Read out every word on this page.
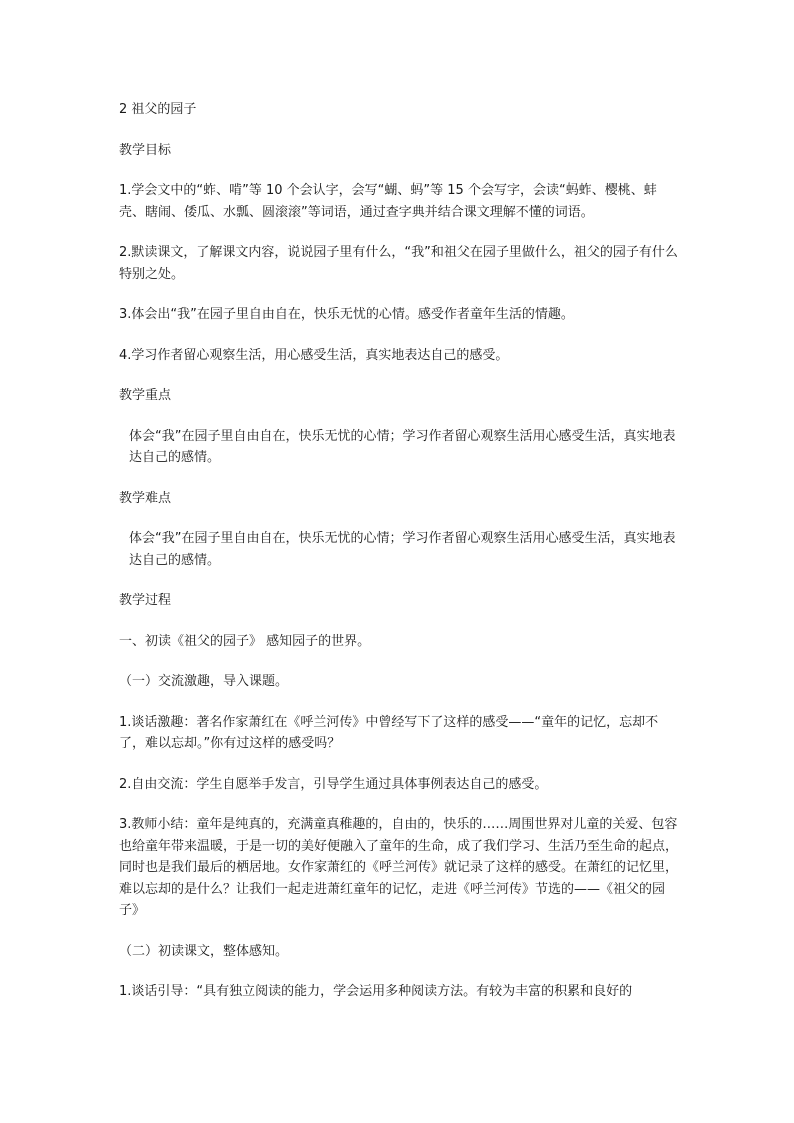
2 祖父的园子

教学目标

1.学会文中的“蚱、啃”等 10 个会认字，会写“蝴、蚂”等 15 个会写字，会读“蚂蚱、樱桃、蚌壳、瞎闹、倭瓜、水瓢、圆滚滚”等词语，通过查字典并结合课文理解不懂的词语。

2.默读课文，了解课文内容，说说园子里有什么，“我”和祖父在园子里做什么，祖父的园子有什么特别之处。

3.体会出“我”在园子里自由自在，快乐无忧的心情。感受作者童年生活的情趣。

4.学习作者留心观察生活，用心感受生活，真实地表达自己的感受。

教学重点

体会“我”在园子里自由自在，快乐无忧的心情；学习作者留心观察生活用心感受生活，真实地表达自己的感情。

教学难点

体会“我”在园子里自由自在，快乐无忧的心情；学习作者留心观察生活用心感受生活，真实地表达自己的感情。

教学过程

一、初读《祖父的园子》 感知园子的世界。

（一）交流激趣，导入课题。

1.谈话激趣：著名作家萧红在《呼兰河传》中曾经写下了这样的感受——“童年的记忆，忘却不了，难以忘却。”你有过这样的感受吗？

2.自由交流：学生自愿举手发言，引导学生通过具体事例表达自己的感受。

3.教师小结：童年是纯真的，充满童真稚趣的，自由的，快乐的……周围世界对儿童的关爱、包容也给童年带来温暖，于是一切的美好便融入了童年的生命，成了我们学习、生活乃至生命的起点，同时也是我们最后的栖居地。女作家萧红的《呼兰河传》就记录了这样的感受。在萧红的记忆里，难以忘却的是什么？让我们一起走进萧红童年的记忆，走进《呼兰河传》节选的——《祖父的园子》

（二）初读课文，整体感知。

1.谈话引导：“具有独立阅读的能力，学会运用多种阅读方法。有较为丰富的积累和良好的
